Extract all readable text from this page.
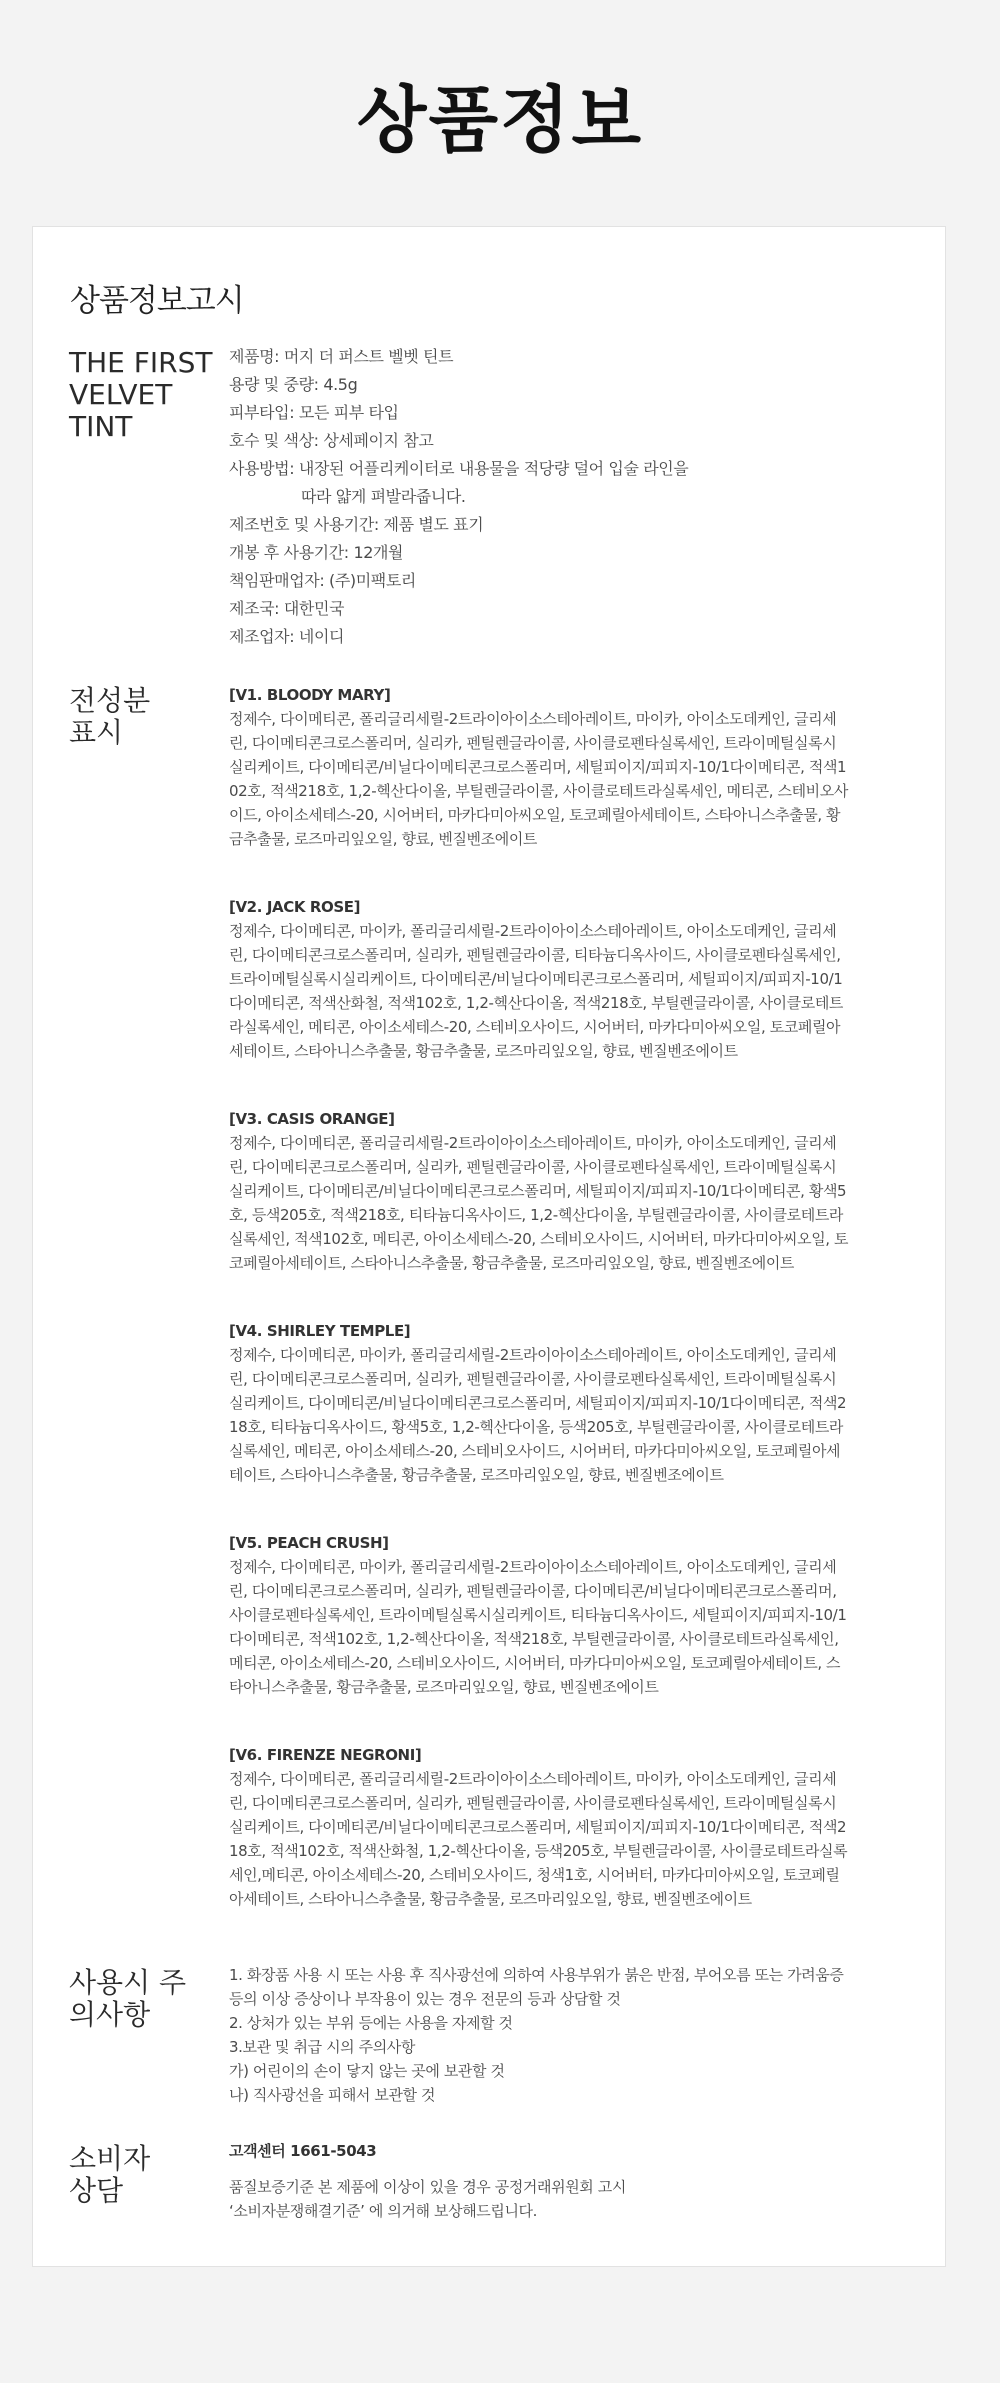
상품정보
상품정보고시
THE FIRST VELVET TINT

제품명: 머지 더 퍼스트 벨벳 틴트

용량 및 중량: 4.5g

피부타입: 모든 피부 타입

호수 및 색상: 상세페이지 참고

사용방법: 내장된 어플리케이터로 내용물을 적당량 덜어 입술 라인을

따라 얇게 펴발라줍니다.

제조번호 및 사용기간: 제품 별도 표기

개봉 후 사용기간: 12개월

책임판매업자: (주)미팩토리

제조국: 대한민국

제조업자: 네이디

전성분 표시

[V1. BLOODY MARY]

정제수, 다이메티콘, 폴리글리세릴-2트라이아이소스테아레이트, 마이카, 아이소도데케인, 글리세린, 다이메티콘크로스폴리머, 실리카, 펜틸렌글라이콜, 사이클로펜타실록세인, 트라이메틸실록시실리케이트, 다이메티콘/비닐다이메티콘크로스폴리머, 세틸피이지/피피지-10/1다이메티콘, 적색102호, 적색218호, 1,2-헥산다이올, 부틸렌글라이콜, 사이클로테트라실록세인, 메티콘, 스테비오사이드, 아이소세테스-20, 시어버터, 마카다미아씨오일, 토코페릴아세테이트, 스타아니스추출물, 황금추출물, 로즈마리잎오일, 향료, 벤질벤조에이트

[V2. JACK ROSE]

정제수, 다이메티콘, 마이카, 폴리글리세릴-2트라이아이소스테아레이트, 아이소도데케인, 글리세린, 다이메티콘크로스폴리머, 실리카, 펜틸렌글라이콜, 티타늄디옥사이드, 사이클로펜타실록세인, 트라이메틸실록시실리케이트, 다이메티콘/비닐다이메티콘크로스폴리머, 세틸피이지/피피지-10/1다이메티콘, 적색산화철, 적색102호, 1,2-헥산다이올, 적색218호, 부틸렌글라이콜, 사이클로테트라실록세인, 메티콘, 아이소세테스-20, 스테비오사이드, 시어버터, 마카다미아씨오일, 토코페릴아세테이트, 스타아니스추출물, 황금추출물, 로즈마리잎오일, 향료, 벤질벤조에이트

[V3. CASIS ORANGE]

정제수, 다이메티콘, 폴리글리세릴-2트라이아이소스테아레이트, 마이카, 아이소도데케인, 글리세린, 다이메티콘크로스폴리머, 실리카, 펜틸렌글라이콜, 사이클로펜타실록세인, 트라이메틸실록시실리케이트, 다이메티콘/비닐다이메티콘크로스폴리머, 세틸피이지/피피지-10/1다이메티콘, 황색5호, 등색205호, 적색218호, 티타늄디옥사이드, 1,2-헥산다이올, 부틸렌글라이콜, 사이클로테트라실록세인, 적색102호, 메티콘, 아이소세테스-20, 스테비오사이드, 시어버터, 마카다미아씨오일, 토코페릴아세테이트, 스타아니스추출물, 황금추출물, 로즈마리잎오일, 향료, 벤질벤조에이트

[V4. SHIRLEY TEMPLE]

정제수, 다이메티콘, 마이카, 폴리글리세릴-2트라이아이소스테아레이트, 아이소도데케인, 글리세린, 다이메티콘크로스폴리머, 실리카, 펜틸렌글라이콜, 사이클로펜타실록세인, 트라이메틸실록시실리케이트, 다이메티콘/비닐다이메티콘크로스폴리머, 세틸피이지/피피지-10/1다이메티콘, 적색218호, 티타늄디옥사이드, 황색5호, 1,2-헥산다이올, 등색205호, 부틸렌글라이콜, 사이클로테트라실록세인, 메티콘, 아이소세테스-20, 스테비오사이드, 시어버터, 마카다미아씨오일, 토코페릴아세테이트, 스타아니스추출물, 황금추출물, 로즈마리잎오일, 향료, 벤질벤조에이트

[V5. PEACH CRUSH]

정제수, 다이메티콘, 마이카, 폴리글리세릴-2트라이아이소스테아레이트, 아이소도데케인, 글리세린, 다이메티콘크로스폴리머, 실리카, 펜틸렌글라이콜, 다이메티콘/비닐다이메티콘크로스폴리머, 사이클로펜타실록세인, 트라이메틸실록시실리케이트, 티타늄디옥사이드, 세틸피이지/피피지-10/1다이메티콘, 적색102호, 1,2-헥산다이올, 적색218호, 부틸렌글라이콜, 사이클로테트라실록세인, 메티콘, 아이소세테스-20, 스테비오사이드, 시어버터, 마카다미아씨오일, 토코페릴아세테이트, 스타아니스추출물, 황금추출물, 로즈마리잎오일, 향료, 벤질벤조에이트

[V6. FIRENZE NEGRONI]

정제수, 다이메티콘, 폴리글리세릴-2트라이아이소스테아레이트, 마이카, 아이소도데케인, 글리세린, 다이메티콘크로스폴리머, 실리카, 펜틸렌글라이콜, 사이클로펜타실록세인, 트라이메틸실록시실리케이트, 다이메티콘/비닐다이메티콘크로스폴리머, 세틸피이지/피피지-10/1다이메티콘, 적색218호, 적색102호, 적색산화철, 1,2-헥산다이올, 등색205호, 부틸렌글라이콜, 사이클로테트라실록세인,메티콘, 아이소세테스-20, 스테비오사이드, 청색1호, 시어버터, 마카다미아씨오일, 토코페릴아세테이트, 스타아니스추출물, 황금추출물, 로즈마리잎오일, 향료, 벤질벤조에이트

사용시 주의사항

1. 화장품 사용 시 또는 사용 후 직사광선에 의하여 사용부위가 붉은 반점, 부어오름 또는 가려움증 등의 이상 증상이나 부작용이 있는 경우 전문의 등과 상담할 것

2. 상처가 있는 부위 등에는 사용을 자제할 것

3.보관 및 취급 시의 주의사항

가) 어린이의 손이 닿지 않는 곳에 보관할 것

나) 직사광선을 피해서 보관할 것

소비자 상담

고객센터 1661-5043

품질보증기준 본 제품에 이상이 있을 경우 공정거래위원회 고시

‘소비자분쟁해결기준’ 에 의거해 보상해드립니다.
